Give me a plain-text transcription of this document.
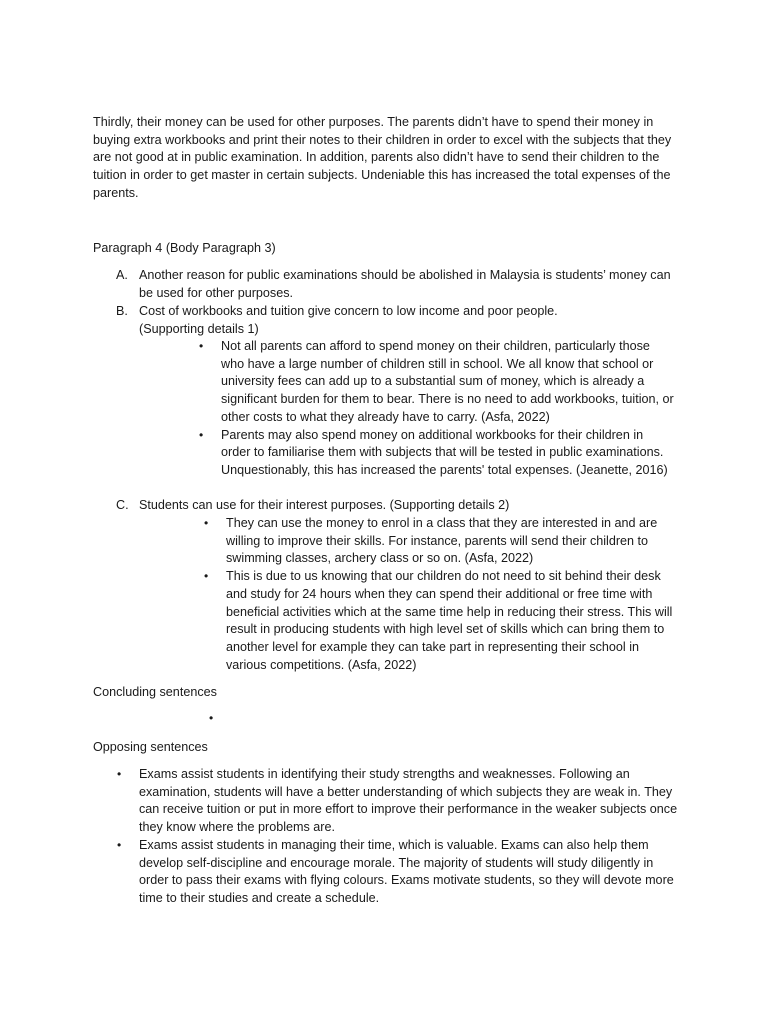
Thirdly, their money can be used for other purposes. The parents didn’t have to spend their money in buying extra workbooks and print their notes to their children in order to excel with the subjects that they are not good at in public examination. In addition, parents also didn’t have to send their children to the tuition in order to get master in certain subjects. Undeniable this has increased the total expenses of the parents.

Paragraph 4 (Body Paragraph 3)

A. Another reason for public examinations should be abolished in Malaysia is students’ money can be used for other purposes.
B. Cost of workbooks and tuition give concern to low income and poor people.
(Supporting details 1)
• Not all parents can afford to spend money on their children, particularly those who have a large number of children still in school. We all know that school or university fees can add up to a substantial sum of money, which is already a significant burden for them to bear. There is no need to add workbooks, tuition, or other costs to what they already have to carry. (Asfa, 2022)
• Parents may also spend money on additional workbooks for their children in order to familiarise them with subjects that will be tested in public examinations. Unquestionably, this has increased the parents' total expenses. (Jeanette, 2016)
C. Students can use for their interest purposes. (Supporting details 2)
• They can use the money to enrol in a class that they are interested in and are willing to improve their skills. For instance, parents will send their children to swimming classes, archery class or so on. (Asfa, 2022)
• This is due to us knowing that our children do not need to sit behind their desk and study for 24 hours when they can spend their additional or free time with beneficial activities which at the same time help in reducing their stress. This will result in producing students with high level set of skills which can bring them to another level for example they can take part in representing their school in various competitions. (Asfa, 2022)

Concluding sentences

•

Opposing sentences

• Exams assist students in identifying their study strengths and weaknesses. Following an examination, students will have a better understanding of which subjects they are weak in. They can receive tuition or put in more effort to improve their performance in the weaker subjects once they know where the problems are.
• Exams assist students in managing their time, which is valuable. Exams can also help them develop self-discipline and encourage morale. The majority of students will study diligently in order to pass their exams with flying colours. Exams motivate students, so they will devote more time to their studies and create a schedule.
